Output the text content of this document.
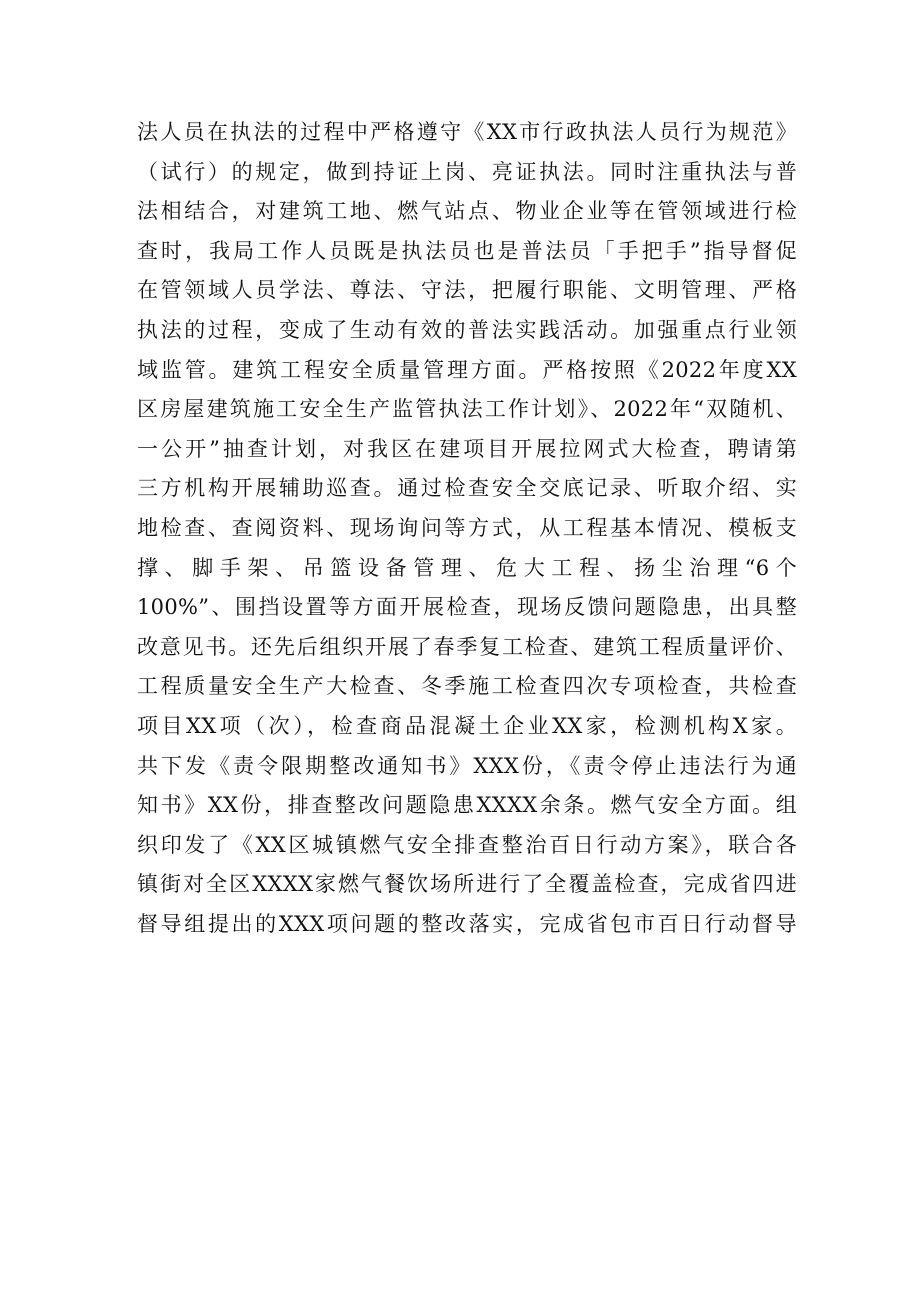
法人员在执法的过程中严格遵守《XX市行政执法人员行为规范》
（试行）的规定，做到持证上岗、亮证执法。同时注重执法与普
法相结合，对建筑工地、燃气站点、物业企业等在管领域进行检
查时，我局工作人员既是执法员也是普法员「手把手”指导督促
在管领域人员学法、尊法、守法，把履行职能、文明管理、严格
执法的过程，变成了生动有效的普法实践活动。加强重点行业领
域监管。建筑工程安全质量管理方面。严格按照《2022年度XX
区房屋建筑施工安全生产监管执法工作计划》、2022年“双随机、
一公开”抽查计划，对我区在建项目开展拉网式大检查，聘请第
三方机构开展辅助巡查。通过检查安全交底记录、听取介绍、实
地检查、查阅资料、现场询问等方式，从工程基本情况、模板支
撑、脚手架、吊篮设备管理、危大工程、扬尘治理“6个
100%”、围挡设置等方面开展检查，现场反馈问题隐患，出具整
改意见书。还先后组织开展了春季复工检查、建筑工程质量评价、
工程质量安全生产大检查、冬季施工检查四次专项检查，共检查
项目XX项（次），检查商品混凝土企业XX家，检测机构X家。
共下发《责令限期整改通知书》XXX份，《责令停止违法行为通
知书》XX份，排查整改问题隐患XXXX余条。燃气安全方面。组
织印发了《XX区城镇燃气安全排查整治百日行动方案》，联合各
镇街对全区XXXX家燃气餐饮场所进行了全覆盖检查，完成省四进
督导组提出的XXX项问题的整改落实，完成省包市百日行动督导
